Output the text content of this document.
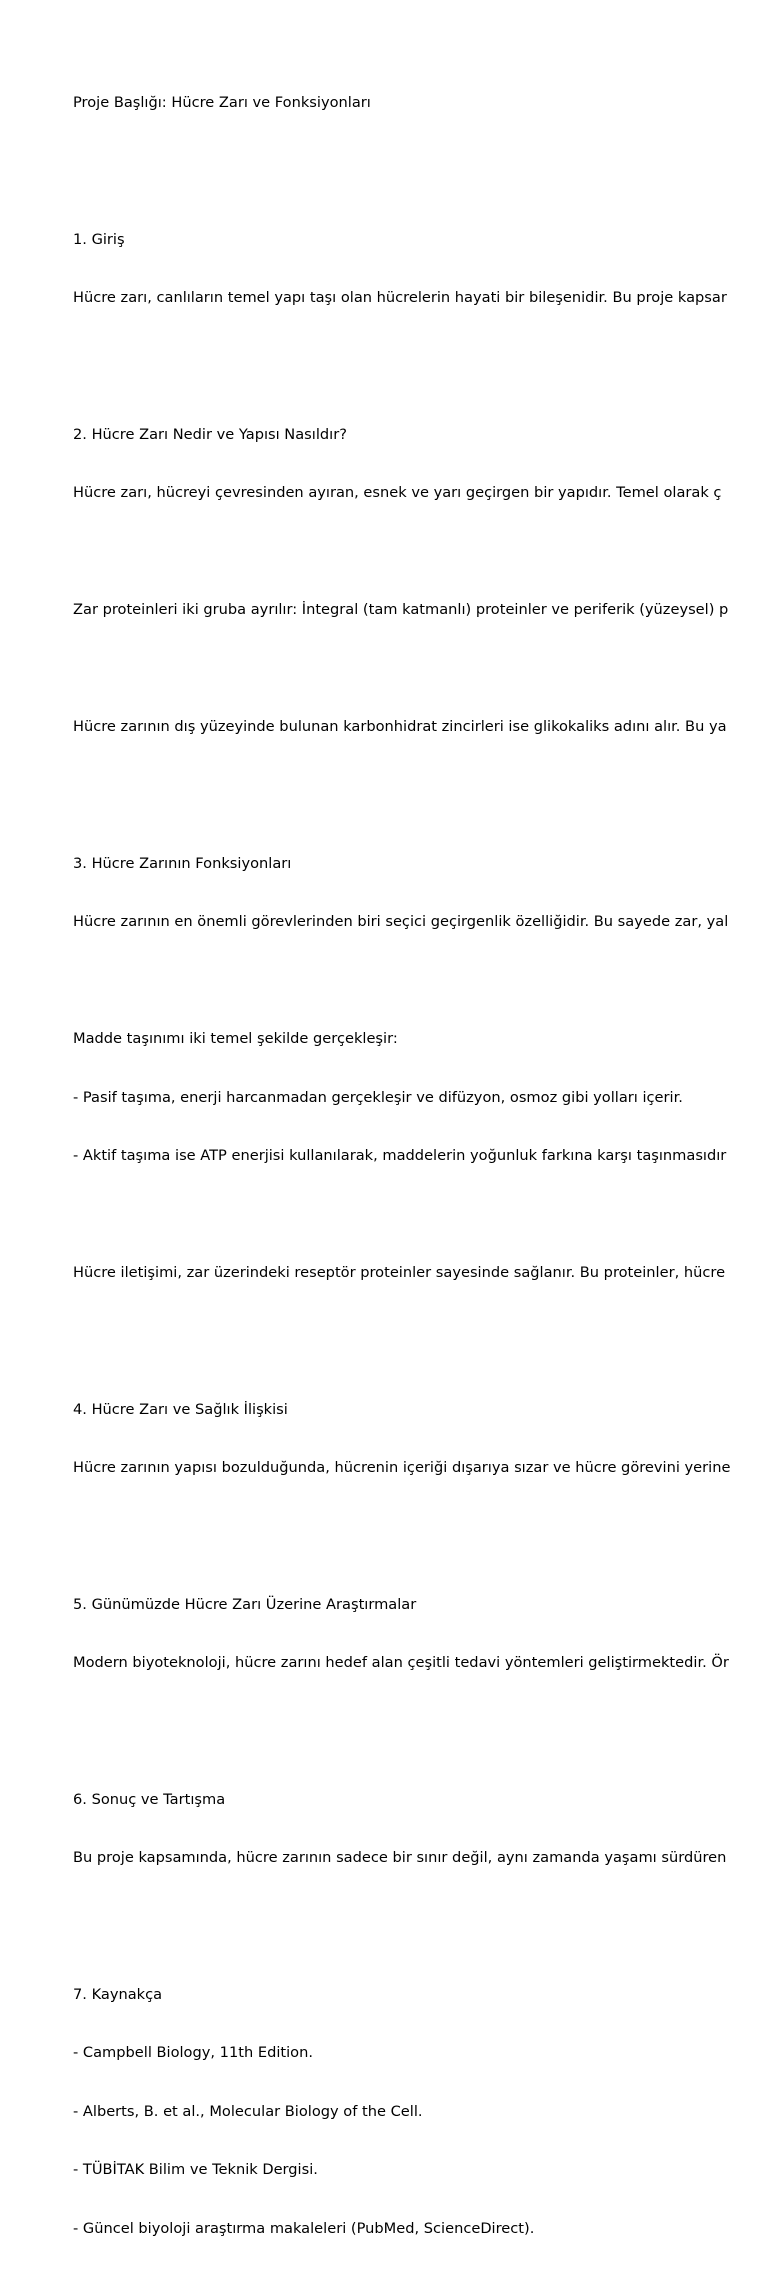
Proje Başlığı: Hücre Zarı ve Fonksiyonları

1. Giriş

Hücre zarı, canlıların temel yapı taşı olan hücrelerin hayati bir bileşenidir. Bu proje kapsar

2. Hücre Zarı Nedir ve Yapısı Nasıldır?

Hücre zarı, hücreyi çevresinden ayıran, esnek ve yarı geçirgen bir yapıdır. Temel olarak ç

Zar proteinleri iki gruba ayrılır: İntegral (tam katmanlı) proteinler ve periferik (yüzeysel) p

Hücre zarının dış yüzeyinde bulunan karbonhidrat zincirleri ise glikokaliks adını alır. Bu ya

3. Hücre Zarının Fonksiyonları

Hücre zarının en önemli görevlerinden biri seçici geçirgenlik özelliğidir. Bu sayede zar, yal

Madde taşınımı iki temel şekilde gerçekleşir:

- Pasif taşıma, enerji harcanmadan gerçekleşir ve difüzyon, osmoz gibi yolları içerir.

- Aktif taşıma ise ATP enerjisi kullanılarak, maddelerin yoğunluk farkına karşı taşınmasıdır

Hücre iletişimi, zar üzerindeki reseptör proteinler sayesinde sağlanır. Bu proteinler, hücre

4. Hücre Zarı ve Sağlık İlişkisi

Hücre zarının yapısı bozulduğunda, hücrenin içeriği dışarıya sızar ve hücre görevini yerine

5. Günümüzde Hücre Zarı Üzerine Araştırmalar

Modern biyoteknoloji, hücre zarını hedef alan çeşitli tedavi yöntemleri geliştirmektedir. Ör

6. Sonuç ve Tartışma

Bu proje kapsamında, hücre zarının sadece bir sınır değil, aynı zamanda yaşamı sürdüren

7. Kaynakça

- Campbell Biology, 11th Edition.

- Alberts, B. et al., Molecular Biology of the Cell.

- TÜBİTAK Bilim ve Teknik Dergisi.

- Güncel biyoloji araştırma makaleleri (PubMed, ScienceDirect).
